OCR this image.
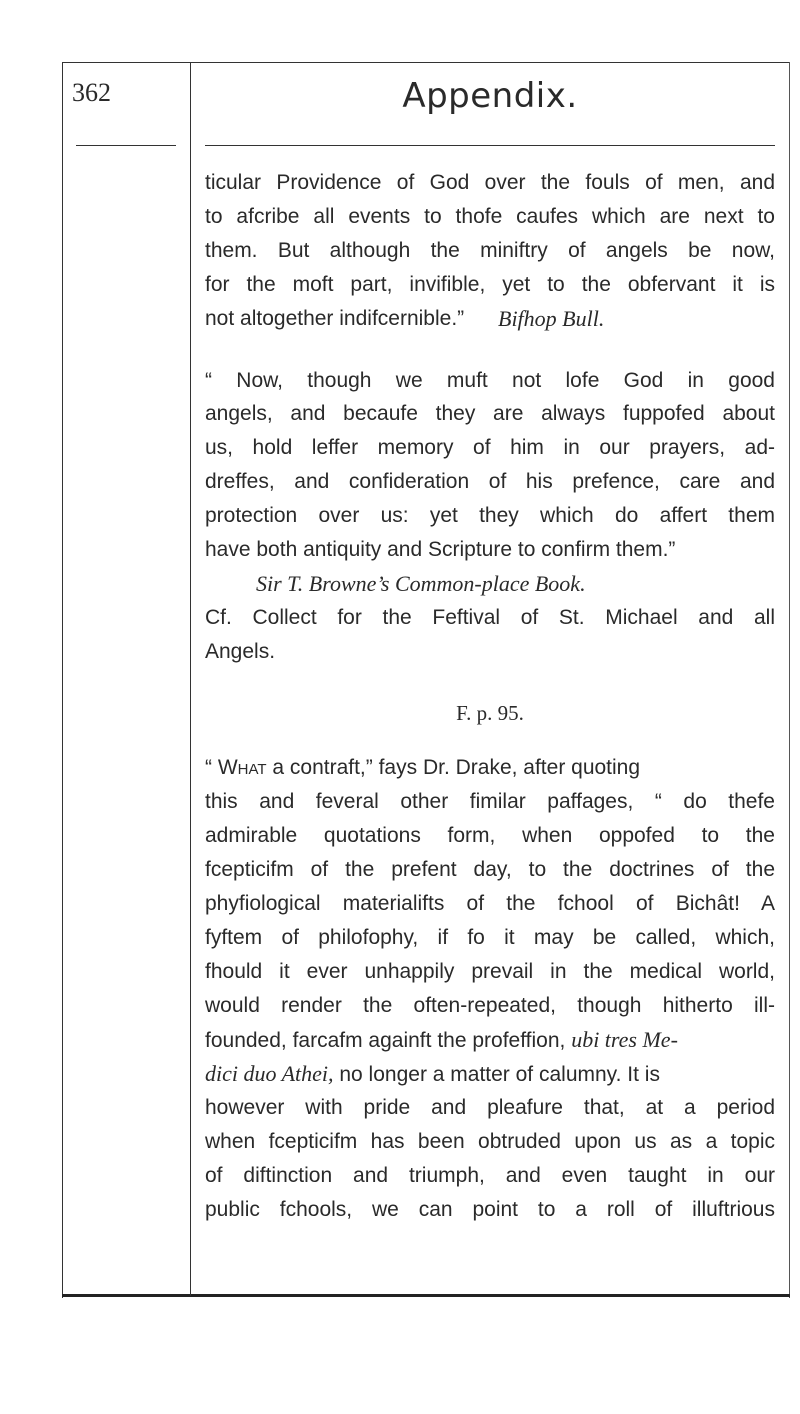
362	Appendix.
ticular Providence of God over the fouls of men, and
to afcribe all events to thofe caufes which are next to
them. But although the miniftry of angels be now,
for the moft part, invifible, yet to the obfervant it is
not altogether indifcernible.”	Bifhop Bull.
“ Now, though we muft not lofe God in good
angels, and becaufe they are always fuppofed about
us, hold leffer memory of him in our prayers, ad-
dreffes, and confideration of his prefence, care and
protection over us: yet they which do affert them
have both antiquity and Scripture to confirm them.”
Sir T. Browne’s Common-place Book.
Cf. Collect for the Feftival of St. Michael and all
Angels.
F. p. 95.
“ What a contraft,” fays Dr. Drake, after quoting
this and feveral other fimilar paffages, “ do thefe
admirable quotations form, when oppofed to the
fcepticifm of the prefent day, to the doctrines of the
phyfiological materialifts of the fchool of Bichât! A
fyftem of philofophy, if fo it may be called, which,
fhould it ever unhappily prevail in the medical world,
would render the often-repeated, though hitherto ill-
founded, farcafm againft the profeffion, ubi tres Me-
dici duo Athei, no longer a matter of calumny. It is
however with pride and pleafure that, at a period
when fcepticifm has been obtruded upon us as a topic
of diftinction and triumph, and even taught in our
public fchools, we can point to a roll of illuftrious
